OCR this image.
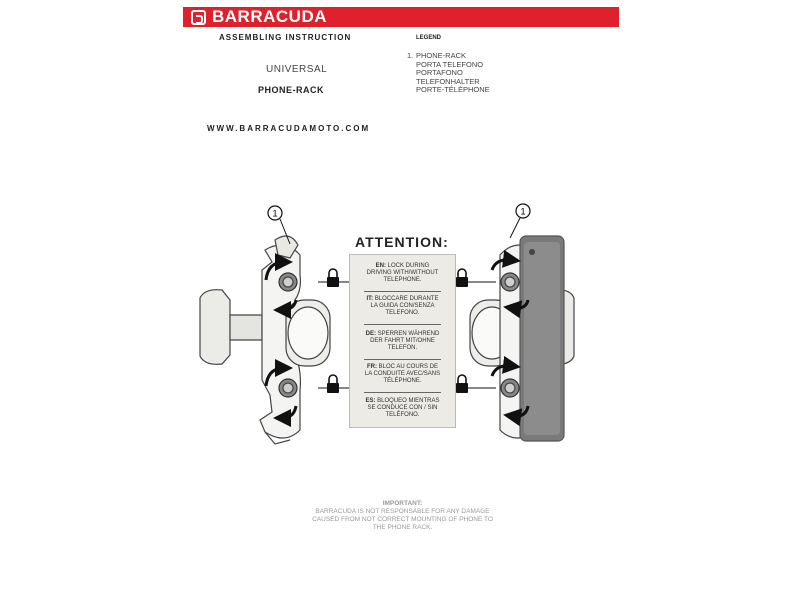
BARRACUDA
ASSEMBLING INSTRUCTION
UNIVERSAL
PHONE-RACK
WWW.BARRACUDAMOTO.COM
LEGEND
1. PHONE-RACK
PORTA TELEFONO
PORTAFONO
TELEFONHALTER
PORTE-TÉLÉPHONE
1	1
ATTENTION:
EN: LOCK DURING
DRIVING WITH/WITHOUT
TELEPHONE.
IT: BLOCCARE DURANTE
LA GUIDA CON/SENZA
TELEFONO.
DE: SPERREN WÄHREND
DER FAHRT MIT/OHNE
TELEFON.
FR: BLOC AU COURS DE
LA CONDUITE AVEC/SANS
TÉLÉPHONE.
ES: BLOQUEO MIENTRAS
SE CONDUCE CON / SIN
TELÉFONO.
IMPORTANT:
BARRACUDA IS NOT RESPONSABLE FOR ANY DAMAGE
CAUSED FROM NOT CORRECT MOUNTING OF PHONE TO
THE PHONE RACK.
